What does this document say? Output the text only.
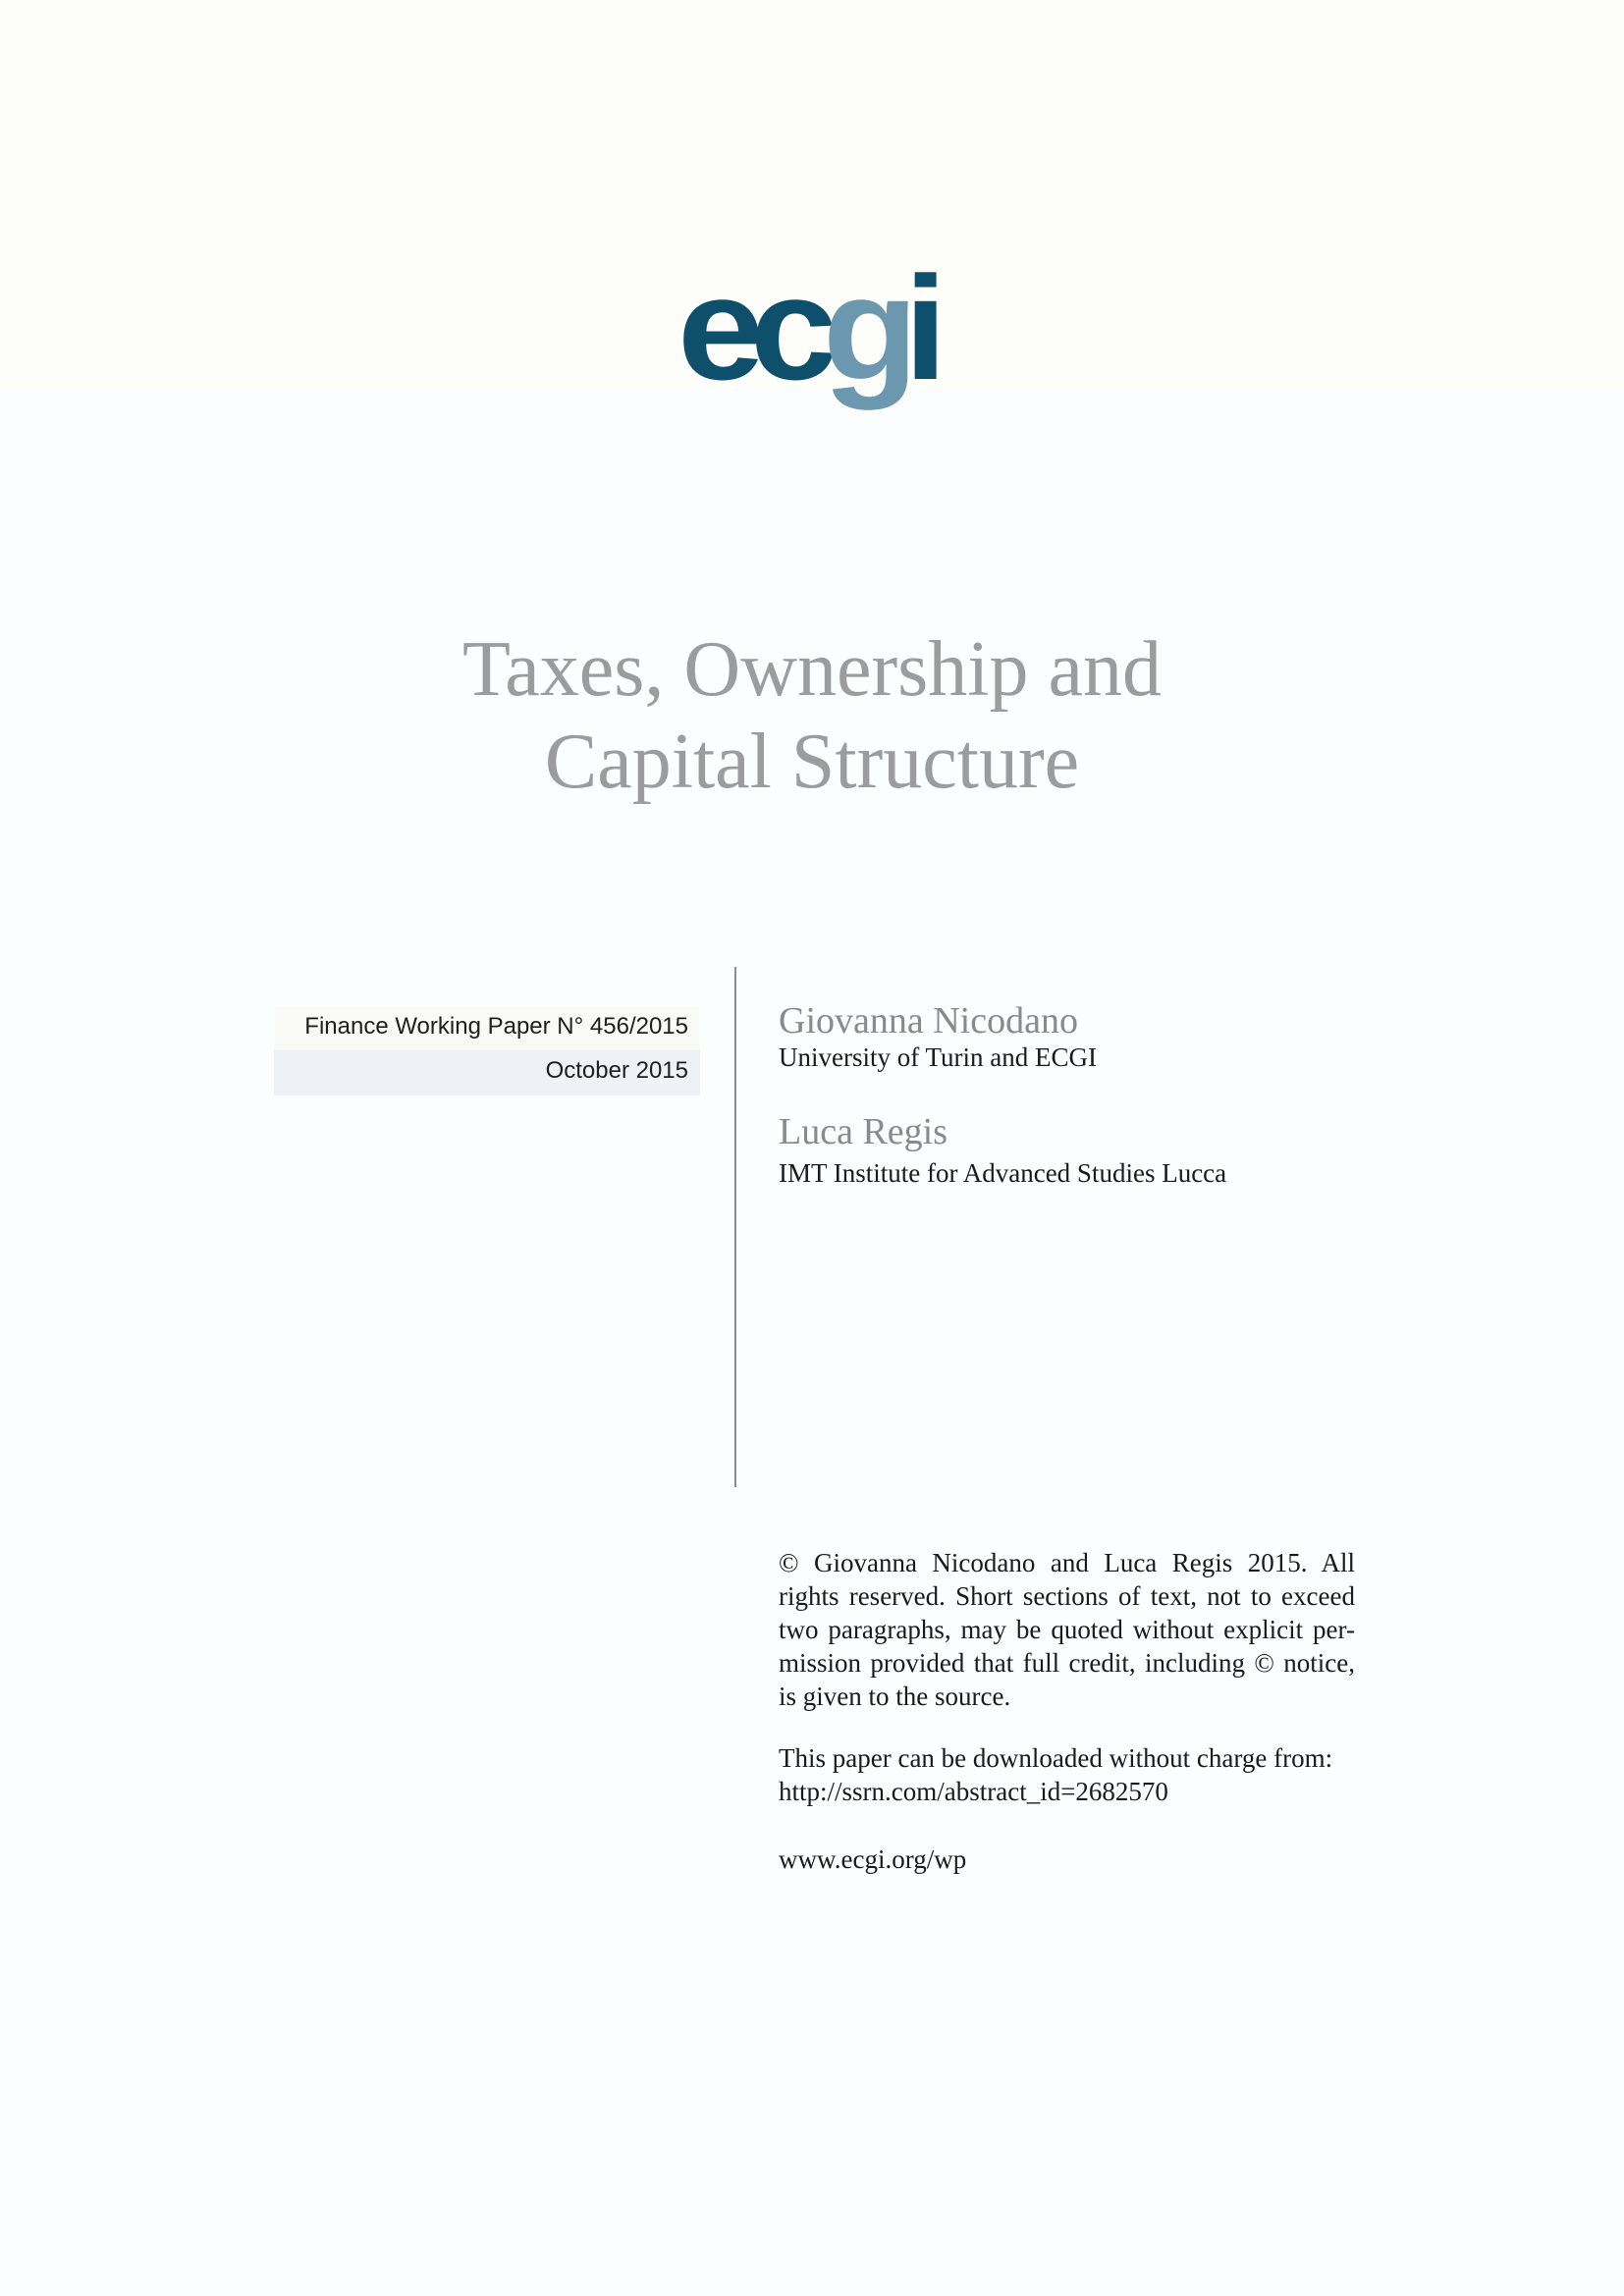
ecgi
Taxes, Ownership and
Capital Structure
Finance Working Paper N° 456/2015
October 2015
Giovanna Nicodano
University of Turin and ECGI
Luca Regis
IMT Institute for Advanced Studies Lucca
© Giovanna Nicodano and Luca Regis 2015. All
rights reserved. Short sections of text, not to exceed
two paragraphs, may be quoted without explicit per-
mission provided that full credit, including © notice,
is given to the source.
This paper can be downloaded without charge from:
http://ssrn.com/abstract_id=2682570
www.ecgi.org/wp
